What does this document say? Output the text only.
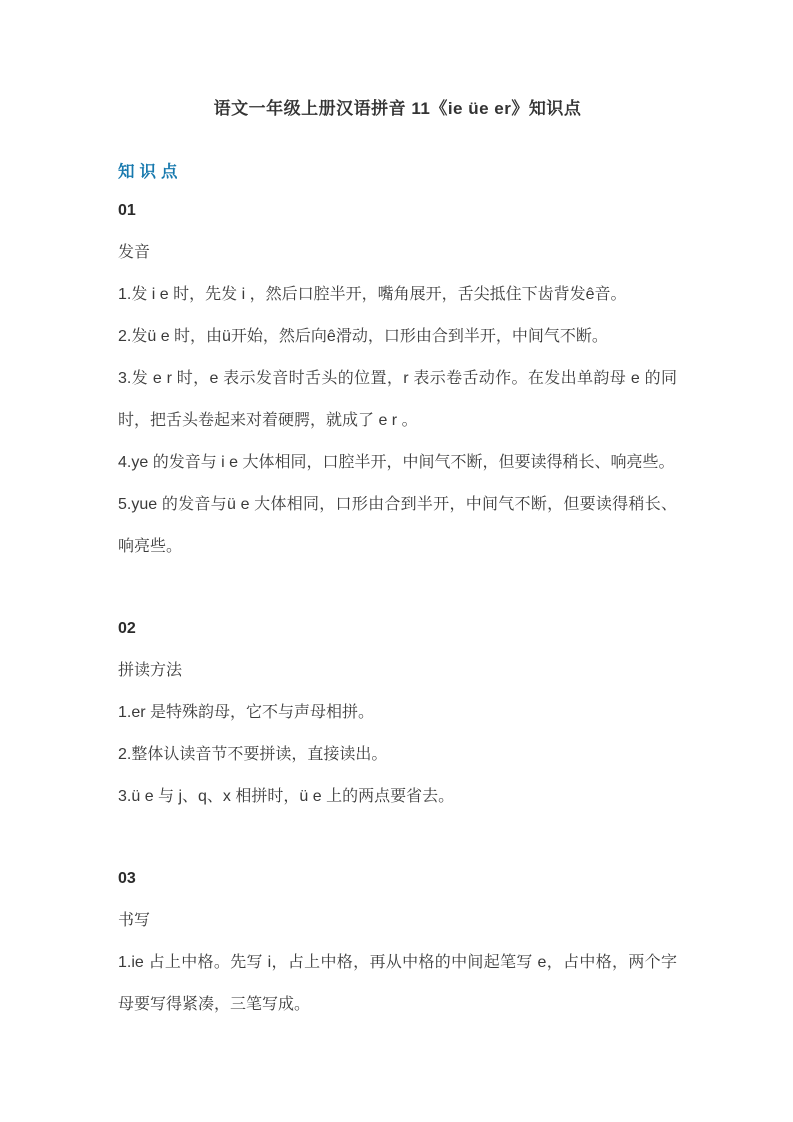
语文一年级上册汉语拼音 11《ie üe er》知识点
知识点
01
发音

1.发 i e 时，先发 i ，然后口腔半开，嘴角展开，舌尖抵住下齿背发ê音。

2.发ü e 时，由ü开始，然后向ê滑动，口形由合到半开，中间气不断。

3.发 e r 时，e 表示发音时舌头的位置，r 表示卷舌动作。在发出单韵母 e 的同时，把舌头卷起来对着硬腭，就成了 e r 。

4.ye 的发音与 i e 大体相同，口腔半开，中间气不断，但要读得稍长、响亮些。

5.yue 的发音与ü e 大体相同，口形由合到半开，中间气不断，但要读得稍长、响亮些。

02
拼读方法

1.er 是特殊韵母，它不与声母相拼。

2.整体认读音节不要拼读，直接读出。

3.ü e 与 j、q、x 相拼时，ü e 上的两点要省去。

03
书写

1.ie 占上中格。先写 i，占上中格，再从中格的中间起笔写 e，占中格，两个字母要写得紧凑，三笔写成。
